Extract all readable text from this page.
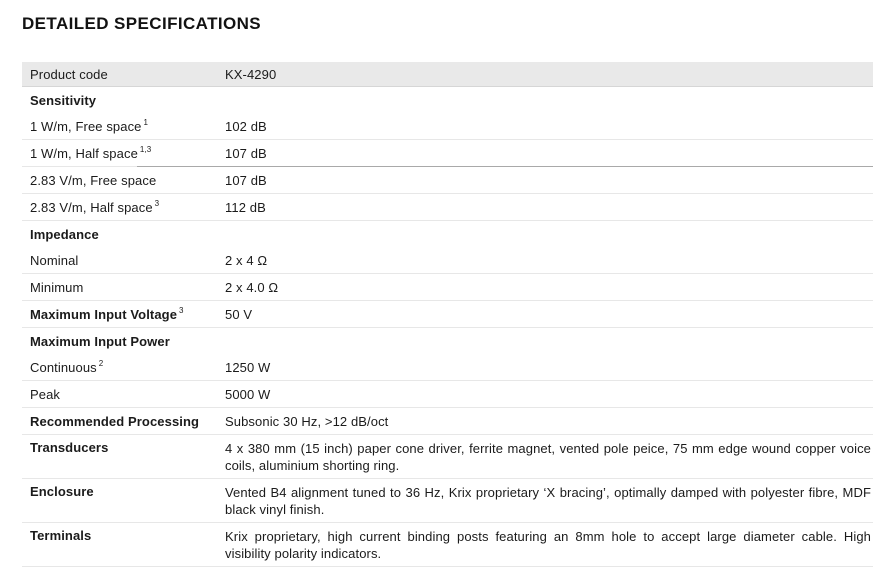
DETAILED SPECIFICATIONS
Product code	KX-4290
Sensitivity
1 W/m, Free space $^1$	102 dB
1 W/m, Half space $^{1,3}$	107 dB
2.83 V/m, Free space	107 dB
2.83 V/m, Half space $^3$	112 dB
Impedance
Nominal	2 x 4 Ω
Minimum	2 x 4.0 Ω
Maximum Input Voltage $^3$	50 V
Maximum Input Power
Continuous $^2$	1250 W
Peak	5000 W
Recommended Processing	Subsonic 30 Hz, >12 dB/oct
Transducers	4 x 380 mm (15 inch) paper cone driver, ferrite magnet, vented pole peice, 75 mm edge wound copper voice coils, aluminium shorting ring.
Enclosure	Vented B4 alignment tuned to 36 Hz, Krix proprietary ‘X bracing’, optimally damped with polyester fibre, MDF black vinyl finish.
Terminals	Krix proprietary, high current binding posts featuring an 8mm hole to accept large diameter cable. High visibility polarity indicators.
